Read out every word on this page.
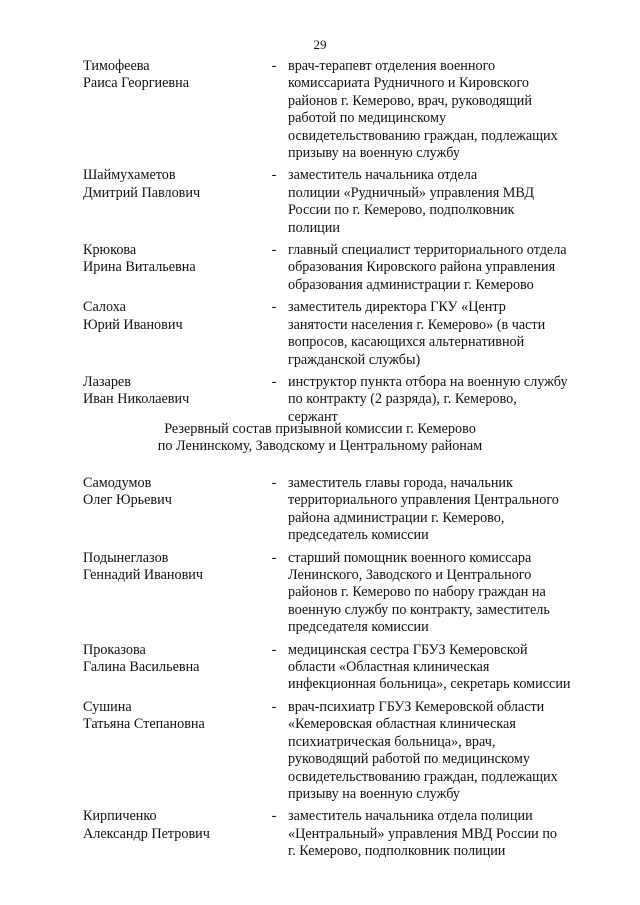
29
Тимофеева
Раиса Георгиевна
- врач-терапевт отделения военного
комиссариата Рудничного и Кировского
районов г. Кемерово, врач, руководящий
работой по медицинскому
освидетельствованию граждан, подлежащих
призыву на военную службу
Шаймухаметов
Дмитрий Павлович
- заместитель начальника отдела
полиции «Рудничный» управления МВД
России по г. Кемерово, подполковник
полиции
Крюкова
Ирина Витальевна
- главный специалист территориального отдела
образования Кировского района управления
образования администрации г. Кемерово
Салоха
Юрий Иванович
- заместитель директора ГКУ «Центр
занятости населения г. Кемерово» (в части
вопросов, касающихся альтернативной
гражданской службы)
Лазарев
Иван Николаевич
- инструктор пункта отбора на военную службу
по контракту (2 разряда), г. Кемерово,
сержант
Резервный состав призывной комиссии г. Кемерово
по Ленинскому, Заводскому и Центральному районам
Самодумов
Олег Юрьевич
- заместитель главы города, начальник
территориального управления Центрального
района администрации г. Кемерово,
председатель комиссии
Подынеглазов
Геннадий Иванович
- старший помощник военного комиссара
Ленинского, Заводского и Центрального
районов г. Кемерово по набору граждан на
военную службу по контракту, заместитель
председателя комиссии
Проказова
Галина Васильевна
- медицинская сестра ГБУЗ Кемеровской
области «Областная клиническая
инфекционная больница», секретарь комиссии
Сушина
Татьяна Степановна
- врач-психиатр ГБУЗ Кемеровской области
«Кемеровская областная клиническая
психиатрическая больница», врач,
руководящий работой по медицинскому
освидетельствованию граждан, подлежащих
призыву на военную службу
Кирпиченко
Александр Петрович
- заместитель начальника отдела полиции
«Центральный» управления МВД России по
г. Кемерово, подполковник полиции
